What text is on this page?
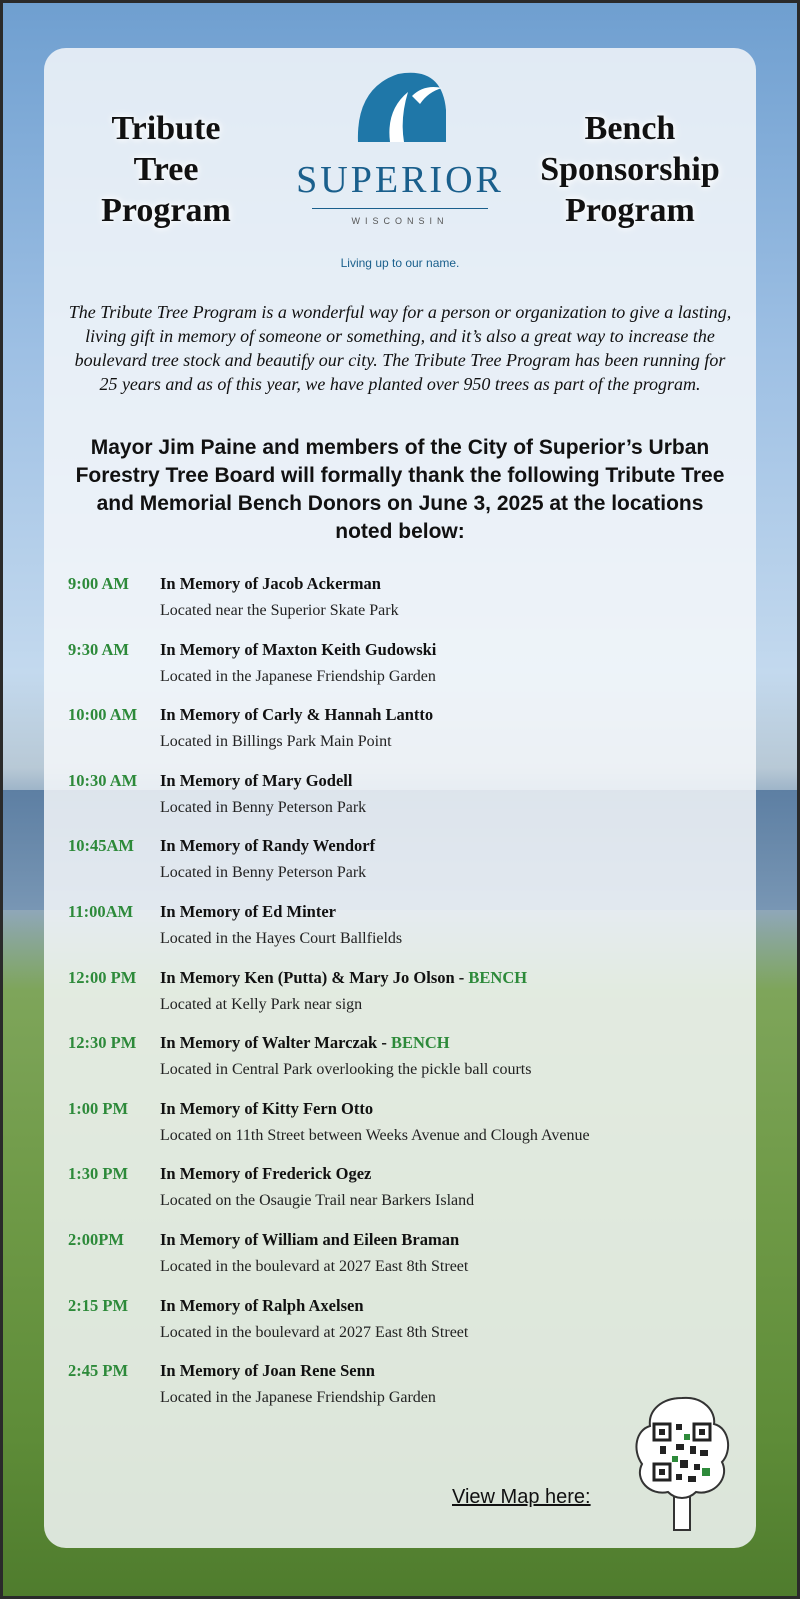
Tribute
Tree
Program
Bench
Sponsorship
Program
SUPERIOR
WISCONSIN
Living up to our name.
The Tribute Tree Program is a wonderful way for a person or organization to give a lasting, living gift in memory of someone or something, and it’s also a great way to increase the boulevard tree stock and beautify our city. The Tribute Tree Program has been running for 25 years and as of this year, we have planted over 950 trees as part of the program.
Mayor Jim Paine and members of the City of Superior’s Urban Forestry Tree Board will formally thank the following Tribute Tree and Memorial Bench Donors on June 3, 2025 at the locations noted below:
9:00 AM	In Memory of Jacob Ackerman
Located near the Superior Skate Park
9:30 AM	In Memory of Maxton Keith Gudowski
Located in the Japanese Friendship Garden
10:00 AM	In Memory of Carly & Hannah Lantto
Located in Billings Park Main Point
10:30 AM	In Memory of Mary Godell
Located in Benny Peterson Park
10:45AM	In Memory of Randy Wendorf
Located in Benny Peterson Park
11:00AM	In Memory of Ed Minter
Located in the Hayes Court Ballfields
12:00 PM	In Memory Ken (Putta) & Mary Jo Olson - BENCH
Located at Kelly Park near sign
12:30 PM	In Memory of Walter Marczak - BENCH
Located in Central Park overlooking the pickle ball courts
1:00 PM	In Memory of Kitty Fern Otto
Located on 11th Street between Weeks Avenue and Clough Avenue
1:30 PM	In Memory of Frederick Ogez
Located on the Osaugie Trail near Barkers Island
2:00PM	In Memory of William and Eileen Braman
Located in the boulevard at 2027 East 8th Street
2:15 PM	In Memory of Ralph Axelsen
Located in the boulevard at 2027 East 8th Street
2:45 PM	In Memory of Joan Rene Senn
Located in the Japanese Friendship Garden
View Map here:
